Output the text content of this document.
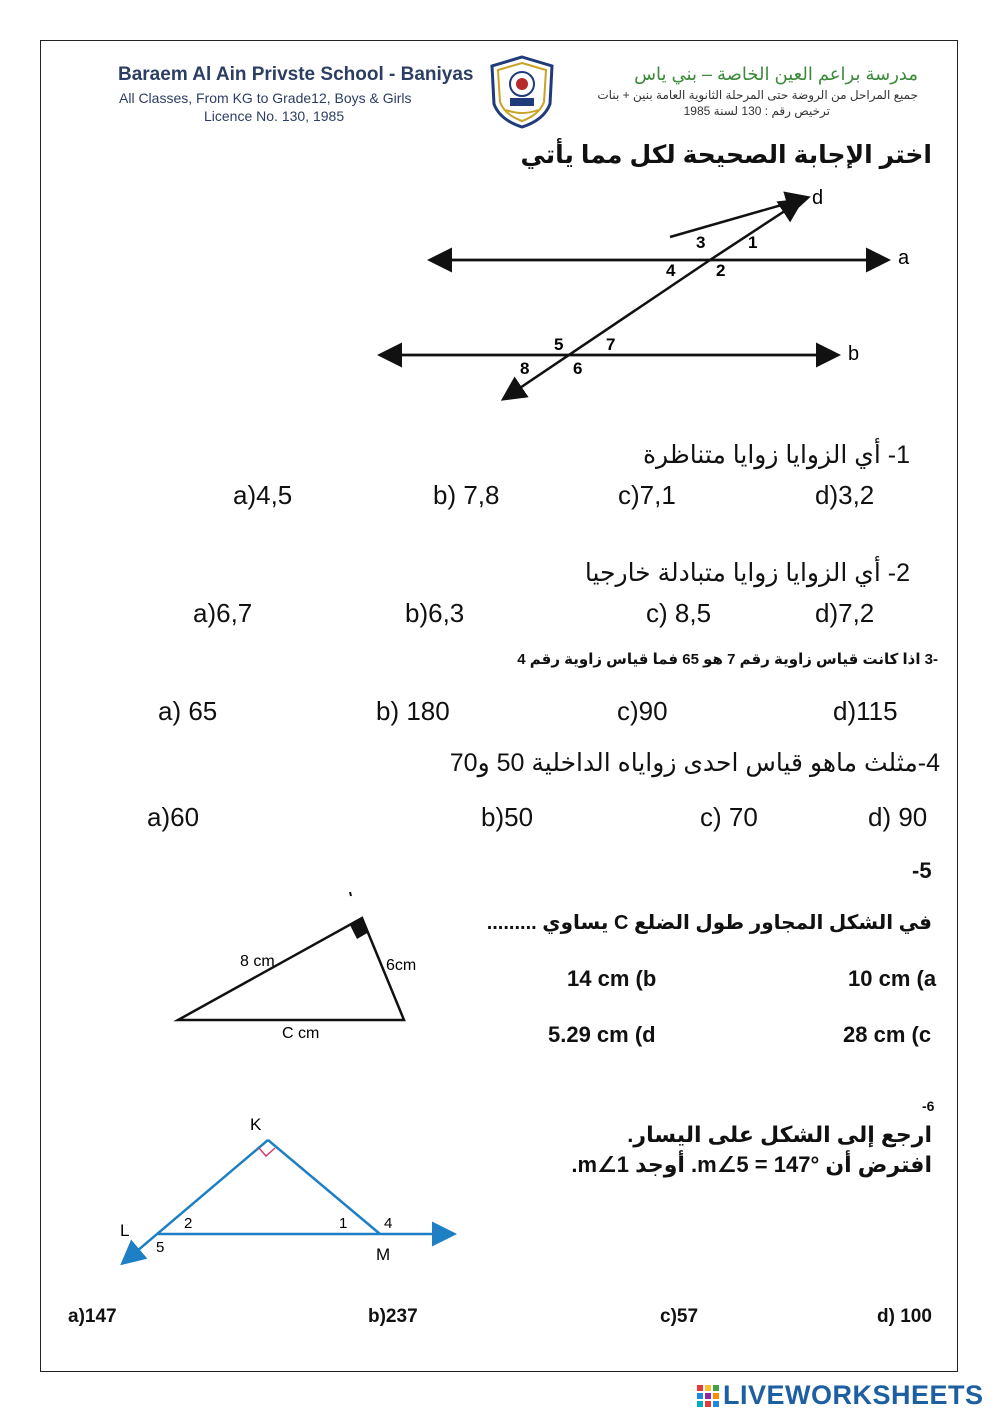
Baraem Al Ain Privste School - Baniyas
All Classes, From KG to Grade12, Boys & Girls
Licence No. 130, 1985
مدرسة براعم العين الخاصة – بني ياس
جميع المراحل من الروضة حتى المرحلة الثانوية العامة بنين + بنات
ترخيص رقم : 130 لسنة 1985
اختر الإجابة الصحيحة لكل مما يأتي
d
a
b
1
2
3
4
5
6
7
8
1- أي الزوايا زوايا متناظرة
a)4,5	b) 7,8	c)7,1	d)3,2
2- أي الزوايا زوايا متبادلة خارجيا
a)6,7	b)6,3	c) 8,5	d)7,2
-3 اذا كانت قياس زاوية رقم 7 هو 65 فما قياس زاوية رقم 4
a) 65	b) 180	c)90	d)115
4-مثلث ماهو قياس احدى زواياه الداخلية 50 و70
a)60	b)50	c) 70	d) 90
-5
في الشكل المجاور طول الضلع C يساوي .........
10 cm (a
14 cm (b
28 cm (c
5.29 cm (d
8 cm	6cm
C cm
-6
ارجع إلى الشكل على اليسار.
افترض أن m∠5 = 147°. أوجد m∠1.
K
L
M
2	1 4
5
a)147	b)237	c)57	d) 100
LIVEWORKSHEETS
